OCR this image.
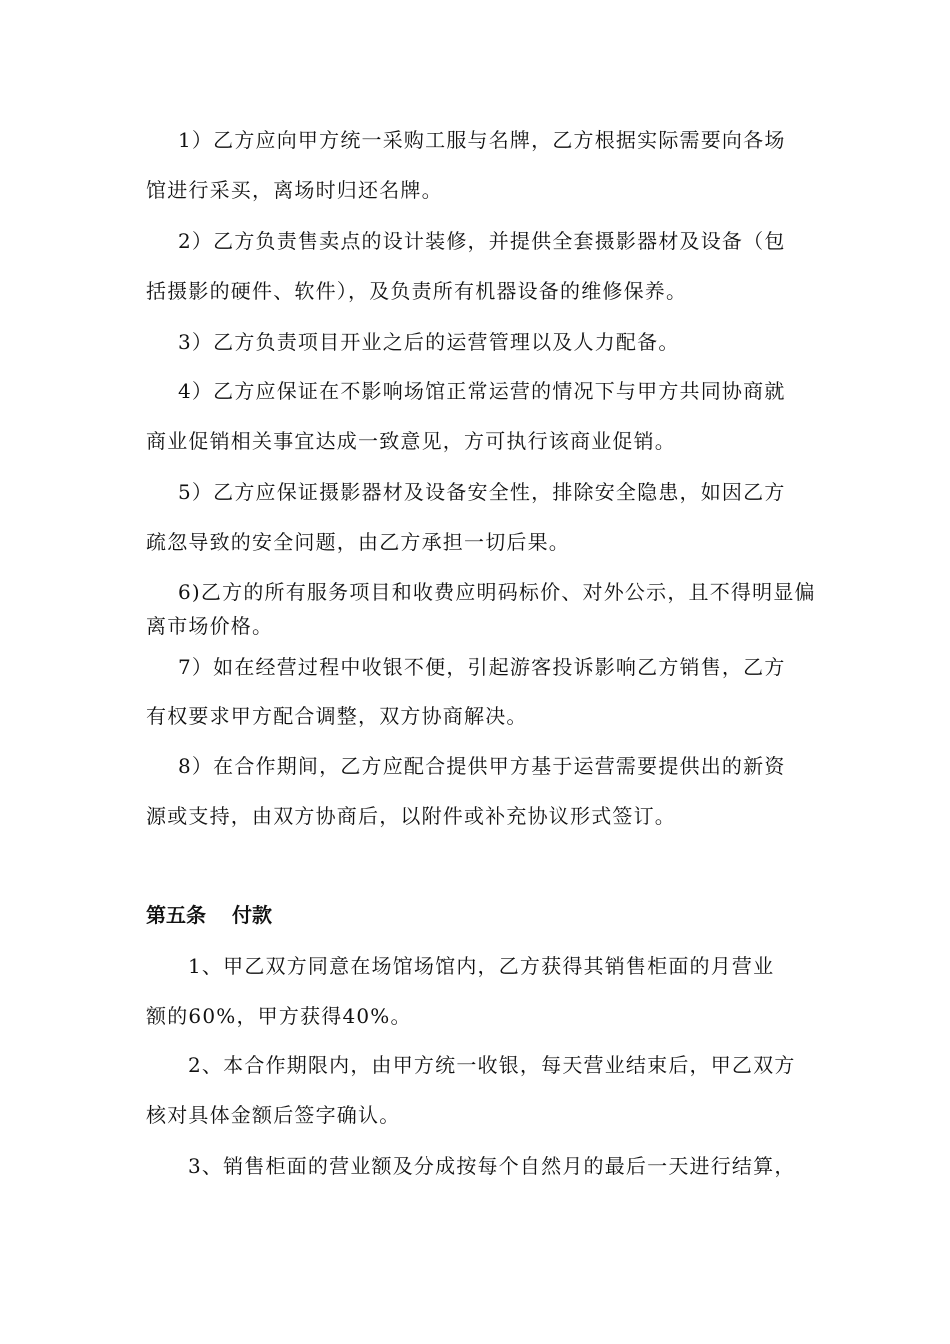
1）乙方应向甲方统一采购工服与名牌，乙方根据实际需要向各场
馆进行采买，离场时归还名牌。
2）乙方负责售卖点的设计装修，并提供全套摄影器材及设备（包
括摄影的硬件、软件），及负责所有机器设备的维修保养。
3）乙方负责项目开业之后的运营管理以及人力配备。
4）乙方应保证在不影响场馆正常运营的情况下与甲方共同协商就
商业促销相关事宜达成一致意见，方可执行该商业促销。
5）乙方应保证摄影器材及设备安全性，排除安全隐患，如因乙方
疏忽导致的安全问题，由乙方承担一切后果。
6)乙方的所有服务项目和收费应明码标价、对外公示，且不得明显偏
离市场价格。
7）如在经营过程中收银不便，引起游客投诉影响乙方销售，乙方
有权要求甲方配合调整，双方协商解决。
8）在合作期间，乙方应配合提供甲方基于运营需要提供出的新资
源或支持，由双方协商后，以附件或补充协议形式签订。
第五条 付款
1、甲乙双方同意在场馆场馆内，乙方获得其销售柜面的月营业
额的60%，甲方获得40%。
2、本合作期限内，由甲方统一收银，每天营业结束后，甲乙双方
核对具体金额后签字确认。
3、销售柜面的营业额及分成按每个自然月的最后一天进行结算，
